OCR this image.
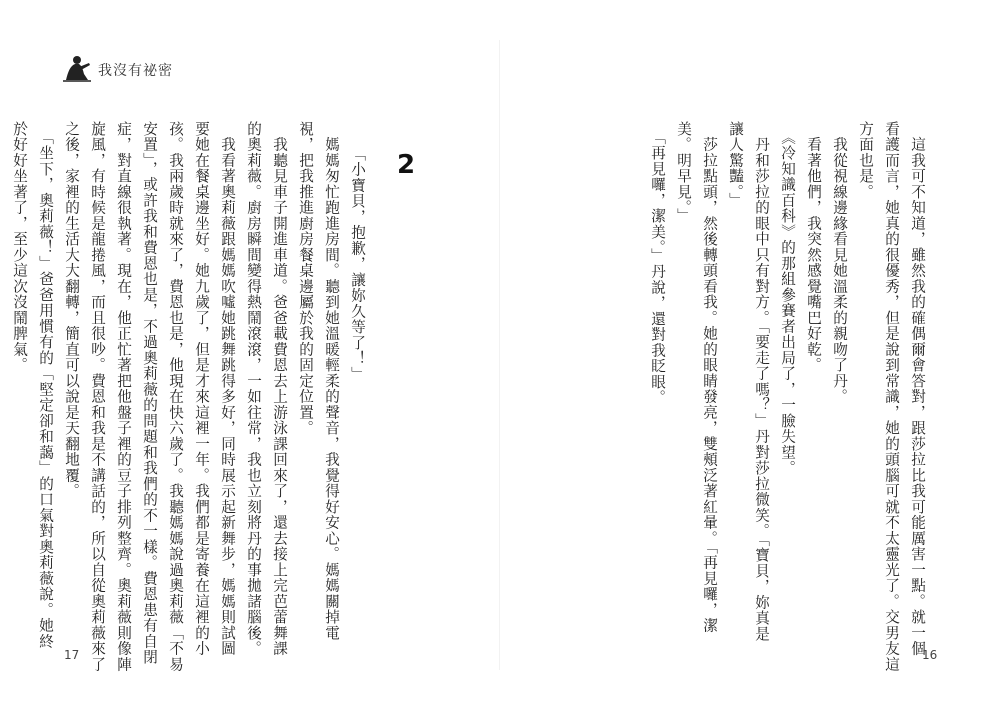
我沒有祕密
2
「小寶貝，抱歉，讓妳久等了！」
　媽媽匆忙跑進房間。聽到她溫暖輕柔的聲音，我覺得好安心。媽媽關掉電
視，把我推進廚房餐桌邊屬於我的固定位置。
　我聽見車子開進車道。爸爸載費恩去上游泳課回來了，還去接上完芭蕾舞課
的奧莉薇。廚房瞬間變得熱鬧滾滾，一如往常，我也立刻將丹的事拋諸腦後。
　我看著奧莉薇跟媽媽吹噓她跳舞跳得多好，同時展示起新舞步，媽媽則試圖
要她在餐桌邊坐好。她九歲了，但是才來這裡一年。我們都是寄養在這裡的小
孩。我兩歲時就來了，費恩也是，他現在快六歲了。我聽媽媽說過奧莉薇「不易
安置」，或許我和費恩也是，不過奧莉薇的問題和我們的不一樣。費恩患有自閉
症，對直線很執著。現在，他正忙著把他盤子裡的豆子排列整齊。奧莉薇則像陣
旋風，有時候是龍捲風，而且很吵。費恩和我是不講話的，所以自從奧莉薇來了
之後，家裡的生活大大翻轉，簡直可以說是天翻地覆。
　「坐下，奧莉薇！」爸爸用慣有的「堅定卻和藹」的口氣對奧莉薇說。她終
於好好坐著了，至少這次沒鬧脾氣。
17	　這我可不知道，雖然我的確偶爾會答對，跟莎拉比我可能厲害一點。就一個
看護而言，她真的很優秀，但是說到常識，她的頭腦可就不太靈光了。交男友這
方面也是。
　我從視線邊緣看見她溫柔的親吻了丹。
　看著他們，我突然感覺嘴巴好乾。
　《冷知識百科》的那組參賽者出局了，一臉失望。
　丹和莎拉的眼中只有對方。「要走了嗎？」丹對莎拉微笑。「寶貝，妳真是
讓人驚豔。」
　莎拉點頭，然後轉頭看我。她的眼睛發亮，雙頰泛著紅暈。「再見囉，潔
美。明早見。」
　「再見囉，潔美。」丹說，還對我眨眼。
16
